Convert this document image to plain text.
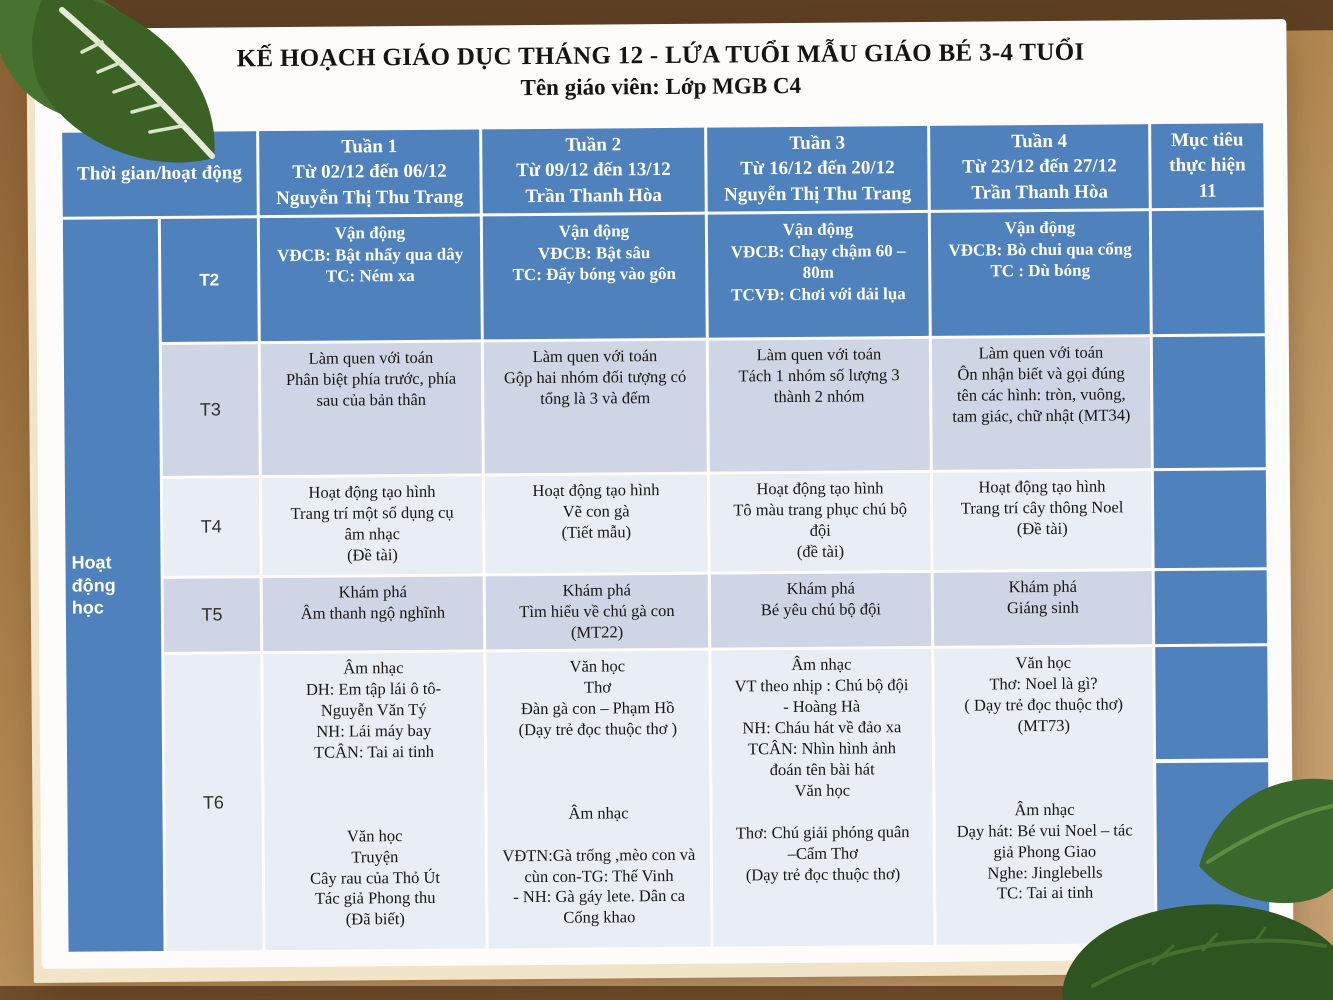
KẾ HOẠCH GIÁO DỤC THÁNG 12 - LỨA TUỔI MẪU GIÁO BÉ 3-4 TUỔI
Tên giáo viên: Lớp MGB C4
Thời gian/hoạt động
Tuần 1
Từ 02/12 đến 06/12
Nguyễn Thị Thu Trang
Tuần 2
Từ 09/12 đến 13/12
Trần Thanh Hòa
Tuần 3
Từ 16/12 đến 20/12
Nguyễn Thị Thu Trang
Tuần 4
Từ 23/12 đến 27/12
Trần Thanh Hòa
Mục tiêu
thực hiện
11
Hoạt động
học
T2
Vận động
VĐCB: Bật nhẩy qua dây
TC: Ném xa
Vận động
VĐCB: Bật sâu
TC: Đẩy bóng vào gôn
Vận động
VĐCB: Chạy chậm 60 –
80m
TCVĐ: Chơi với dải lụa
Vận động
VĐCB: Bò chui qua cổng
TC : Dù bóng
T3
Làm quen với toán
Phân biệt phía trước, phía
sau của bản thân
Làm quen với toán
Gộp hai nhóm đối tượng có
tổng là 3 và đếm
Làm quen với toán
Tách 1 nhóm số lượng 3
thành 2 nhóm
Làm quen với toán
Ôn nhận biết và gọi đúng
tên các hình: tròn, vuông,
tam giác, chữ nhật (MT34)
T4
Hoạt động tạo hình
Trang trí một số dụng cụ
âm nhạc
(Đề tài)
Hoạt động tạo hình
Vẽ con gà
(Tiết mẫu)
Hoạt động tạo hình
Tô màu trang phục chú bộ
đội
(đề tài)
Hoạt động tạo hình
Trang trí cây thông Noel
(Đề tài)
T5
Khám phá
Âm thanh ngộ nghĩnh
Khám phá
Tìm hiểu về chú gà con
(MT22)
Khám phá
Bé yêu chú bộ đội
Khám phá
Giáng sinh
T6
Âm nhạc
DH: Em tập lái ô tô-
Nguyễn Văn Tý
NH: Lái máy bay
TCÂN: Tai ai tinh

Văn học
Truyện
Cây rau của Thỏ Út
Tác giả Phong thu
(Đã biết)
Văn học
Thơ
Đàn gà con – Phạm Hồ
(Dạy trẻ đọc thuộc thơ )

Âm nhạc

VĐTN:Gà trống ,mèo con và
cùn con-TG: Thế Vinh
- NH: Gà gáy lete. Dân ca
Cống khao
Âm nhạc
VT theo nhịp : Chú bộ đội
- Hoàng Hà
NH: Cháu hát về đảo xa
TCÂN: Nhìn hình ảnh
đoán tên bài hát
Văn học

Thơ: Chú giải phóng quân
–Cẩm Thơ
(Dạy trẻ đọc thuộc thơ)
Văn học
Thơ: Noel là gì?
( Dạy trẻ đọc thuộc thơ)
(MT73)

Âm nhạc
Dạy hát: Bé vui Noel – tác
giả Phong Giao
Nghe: Jinglebells
TC: Tai ai tinh
